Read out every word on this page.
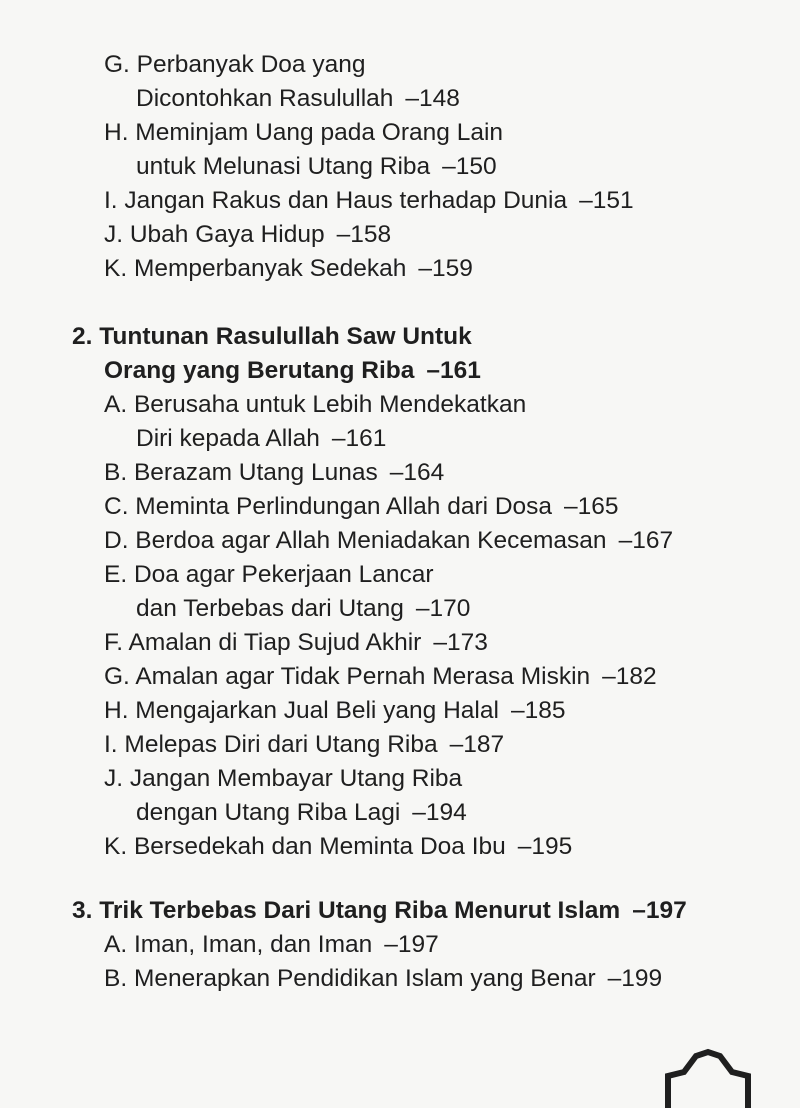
G. Perbanyak Doa yang
Dicontohkan Rasulullah –148
H. Meminjam Uang pada Orang Lain
untuk Melunasi Utang Riba –150
I. Jangan Rakus dan Haus terhadap Dunia –151
J. Ubah Gaya Hidup –158
K. Memperbanyak Sedekah –159
2. Tuntunan Rasulullah Saw Untuk
Orang yang Berutang Riba –161
A. Berusaha untuk Lebih Mendekatkan
Diri kepada Allah –161
B. Berazam Utang Lunas –164
C. Meminta Perlindungan Allah dari Dosa –165
D. Berdoa agar Allah Meniadakan Kecemasan –167
E. Doa agar Pekerjaan Lancar
dan Terbebas dari Utang –170
F. Amalan di Tiap Sujud Akhir –173
G. Amalan agar Tidak Pernah Merasa Miskin –182
H. Mengajarkan Jual Beli yang Halal –185
I. Melepas Diri dari Utang Riba –187
J. Jangan Membayar Utang Riba
dengan Utang Riba Lagi –194
K. Bersedekah dan Meminta Doa Ibu –195
3. Trik Terbebas Dari Utang Riba Menurut Islam –197
A. Iman, Iman, dan Iman –197
B. Menerapkan Pendidikan Islam yang Benar –199
